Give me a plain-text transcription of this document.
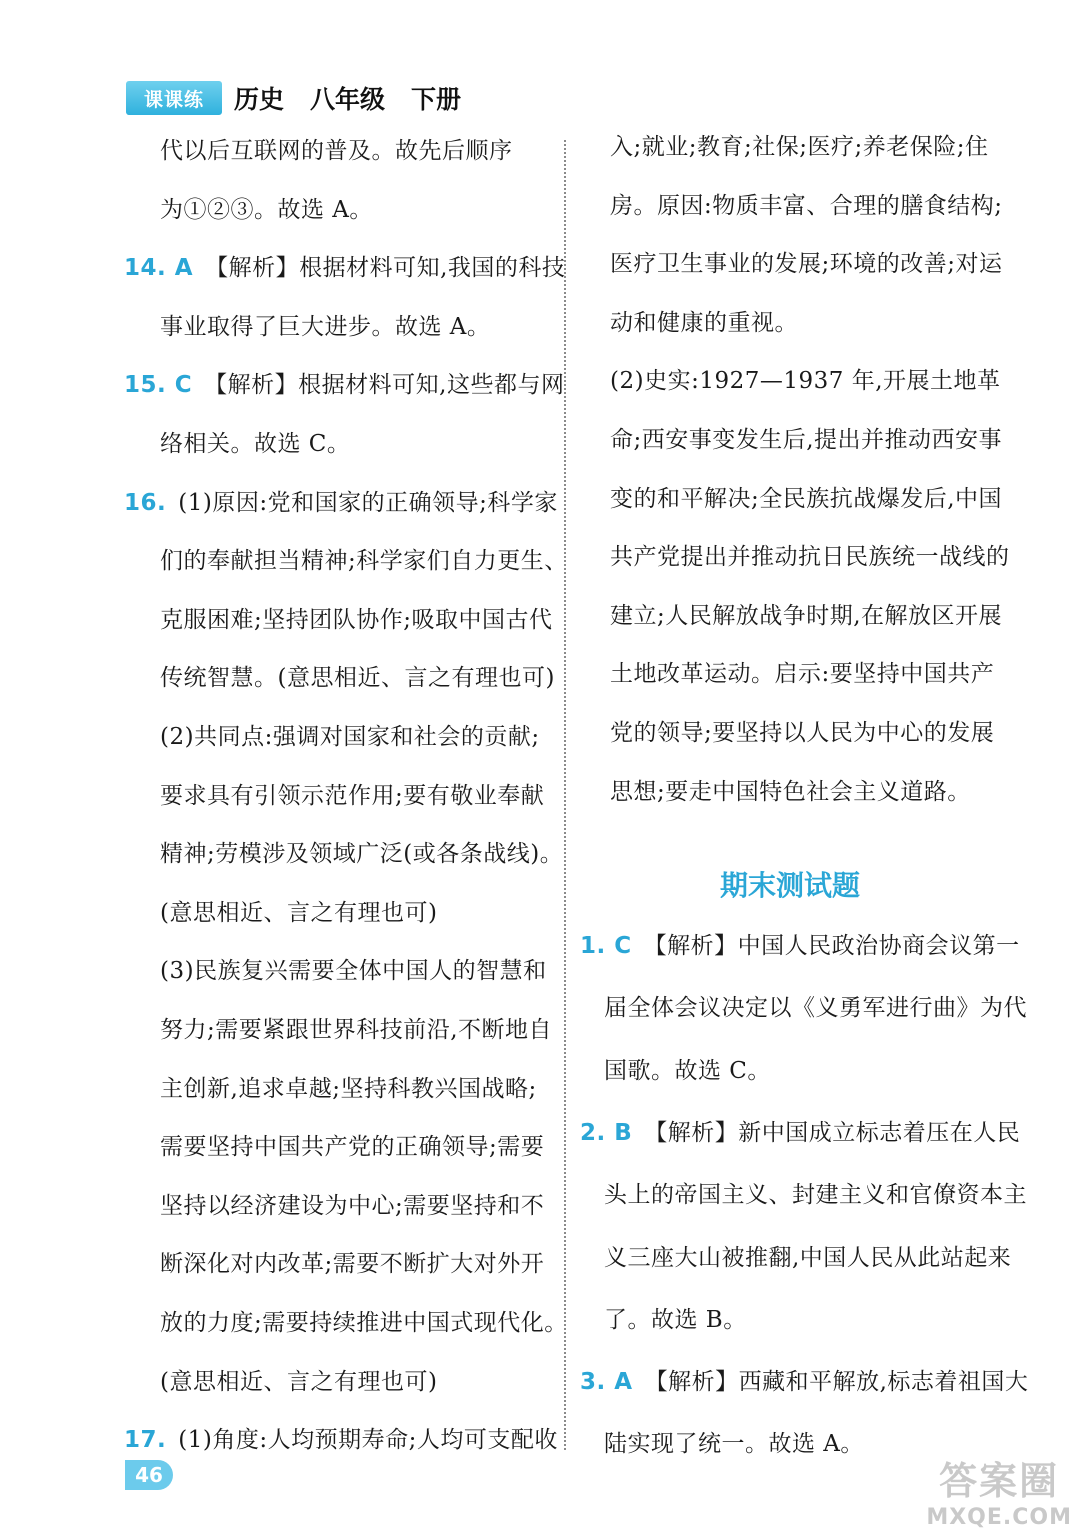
课课练	历史 八年级 下册
代以后互联网的普及。故先后顺序
为①②③。故选 A。
14. A 【解析】根据材料可知,我国的科技
事业取得了巨大进步。故选 A。
15. C 【解析】根据材料可知,这些都与网
络相关。故选 C。
16. (1)原因:党和国家的正确领导;科学家
们的奉献担当精神;科学家们自力更生、
克服困难;坚持团队协作;吸取中国古代
传统智慧。(意思相近、言之有理也可)
(2)共同点:强调对国家和社会的贡献;
要求具有引领示范作用;要有敬业奉献
精神;劳模涉及领域广泛(或各条战线)。
(意思相近、言之有理也可)
(3)民族复兴需要全体中国人的智慧和
努力;需要紧跟世界科技前沿,不断地自
主创新,追求卓越;坚持科教兴国战略;
需要坚持中国共产党的正确领导;需要
坚持以经济建设为中心;需要坚持和不
断深化对内改革;需要不断扩大对外开
放的力度;需要持续推进中国式现代化。
(意思相近、言之有理也可)
17. (1)角度:人均预期寿命;人均可支配收
入;就业;教育;社保;医疗;养老保险;住
房。原因:物质丰富、合理的膳食结构;
医疗卫生事业的发展;环境的改善;对运
动和健康的重视。
(2)史实:1927—1937 年,开展土地革
命;西安事变发生后,提出并推动西安事
变的和平解决;全民族抗战爆发后,中国
共产党提出并推动抗日民族统一战线的
建立;人民解放战争时期,在解放区开展
土地改革运动。启示:要坚持中国共产
党的领导;要坚持以人民为中心的发展
思想;要走中国特色社会主义道路。
1. C 【解析】中国人民政治协商会议第一
届全体会议决定以《义勇军进行曲》为代
国歌。故选 C。
2. B 【解析】新中国成立标志着压在人民
头上的帝国主义、封建主义和官僚资本主
义三座大山被推翻,中国人民从此站起来
了。故选 B。
3. A 【解析】西藏和平解放,标志着祖国大
陆实现了统一。故选 A。
期末测试题
46	答案圈
MXQE.COM
